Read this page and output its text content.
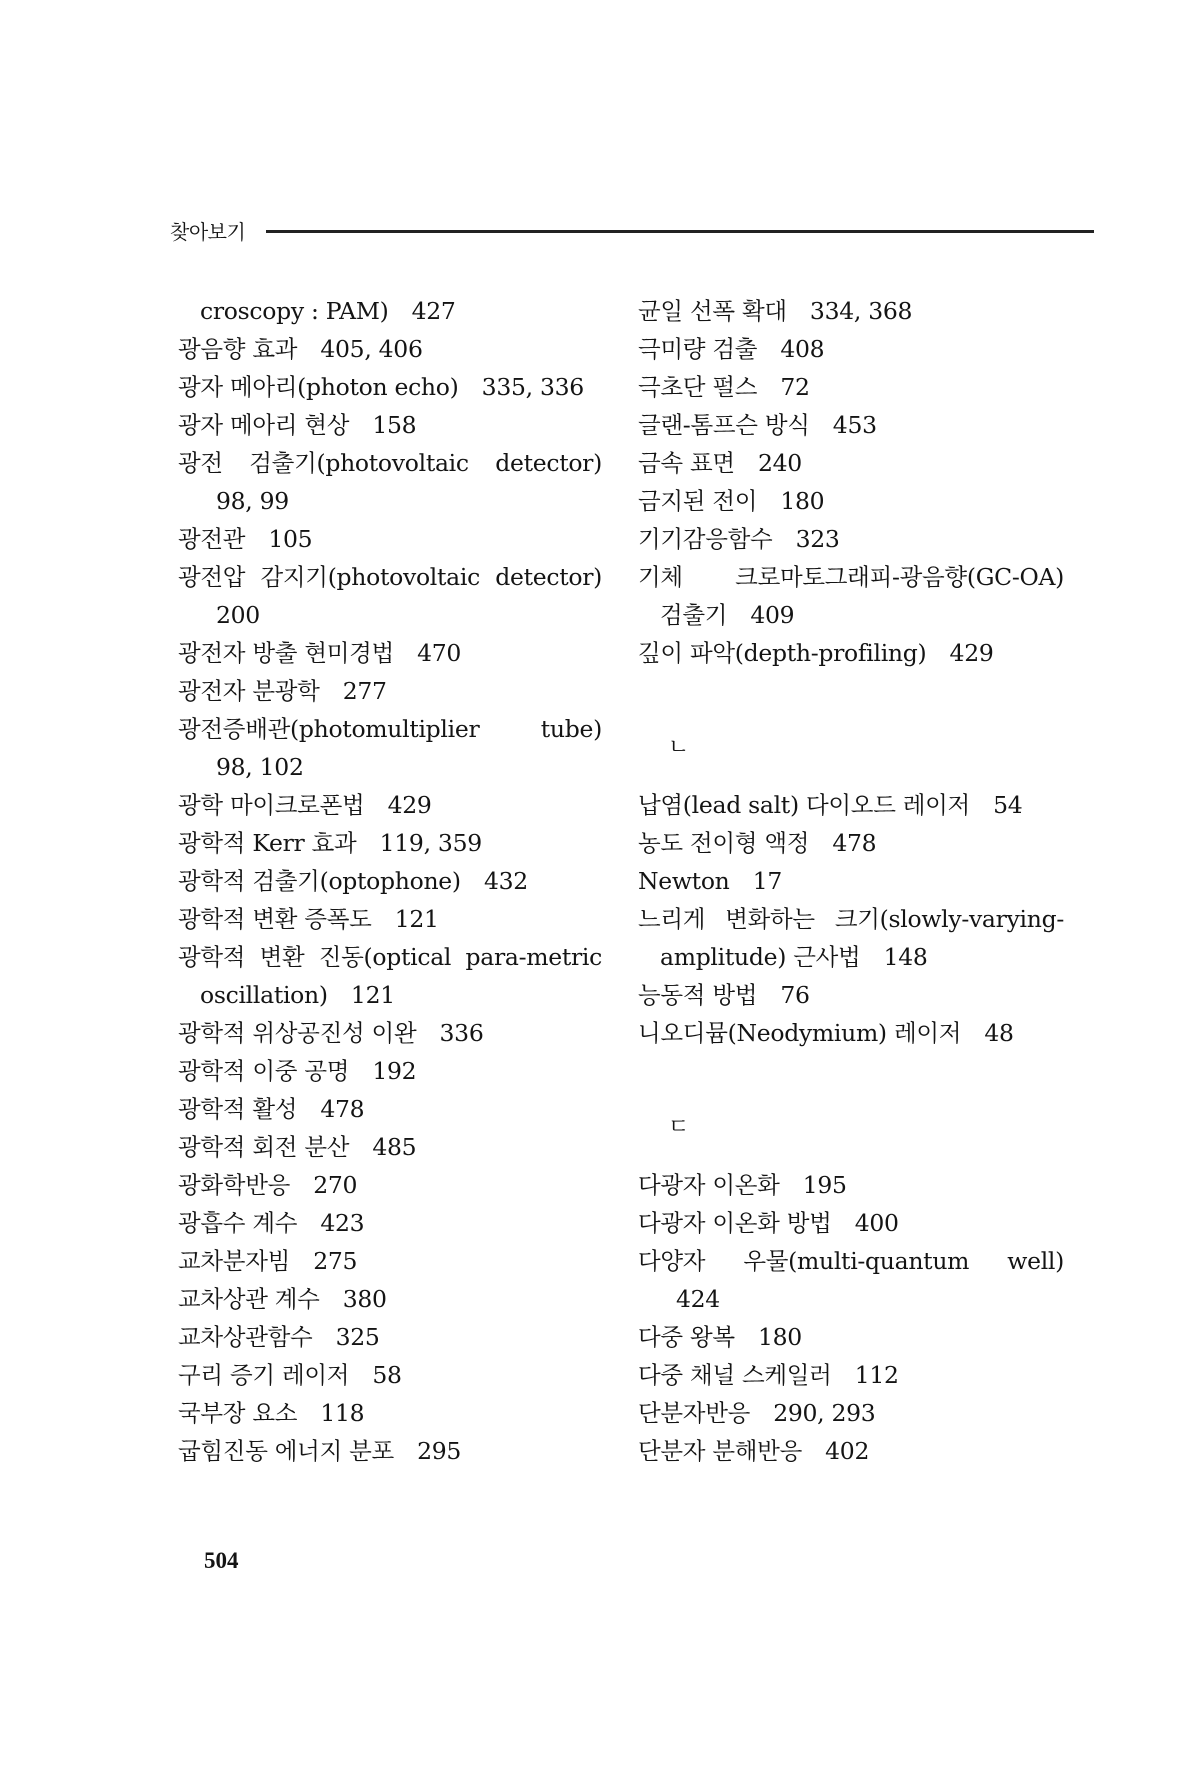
찾아보기
croscopy : PAM) 427
광음향 효과 405, 406
광자 메아리(photon echo) 335, 336
광자 메아리 현상 158
광전 검출기(photovoltaic detector) 98, 99
광전관 105
광전압 감지기(photovoltaic detector) 200
광전자 방출 현미경법 470
광전자 분광학 277
광전증배관(photomultiplier tube) 98, 102
광학 마이크로폰법 429
광학적 Kerr 효과 119, 359
광학적 검출기(optophone) 432
광학적 변환 증폭도 121
광학적 변환 진동(optical para-metric oscillation) 121
광학적 위상공진성 이완 336
광학적 이중 공명 192
광학적 활성 478
광학적 회전 분산 485
광화학반응 270
광흡수 계수 423
교차분자빔 275
교차상관 계수 380
교차상관함수 325
구리 증기 레이저 58
국부장 요소 118
굽힘진동 에너지 분포 295
균일 선폭 확대 334, 368
극미량 검출 408
극초단 펄스 72
글랜-톰프슨 방식 453
금속 표면 240
금지된 전이 180
기기감응함수 323
기체 크로마토그래피-광음향(GC-OA) 검출기 409
깊이 파악(depth-profiling) 429
ㄴ
납염(lead salt) 다이오드 레이저 54
농도 전이형 액정 478
Newton 17
느리게 변화하는 크기(slowly-varying-amplitude) 근사법 148
능동적 방법 76
니오디뮴(Neodymium) 레이저 48
ㄷ
다광자 이온화 195
다광자 이온화 방법 400
다양자 우물(multi-quantum well) 424
다중 왕복 180
다중 채널 스케일러 112
단분자반응 290, 293
단분자 분해반응 402
504
